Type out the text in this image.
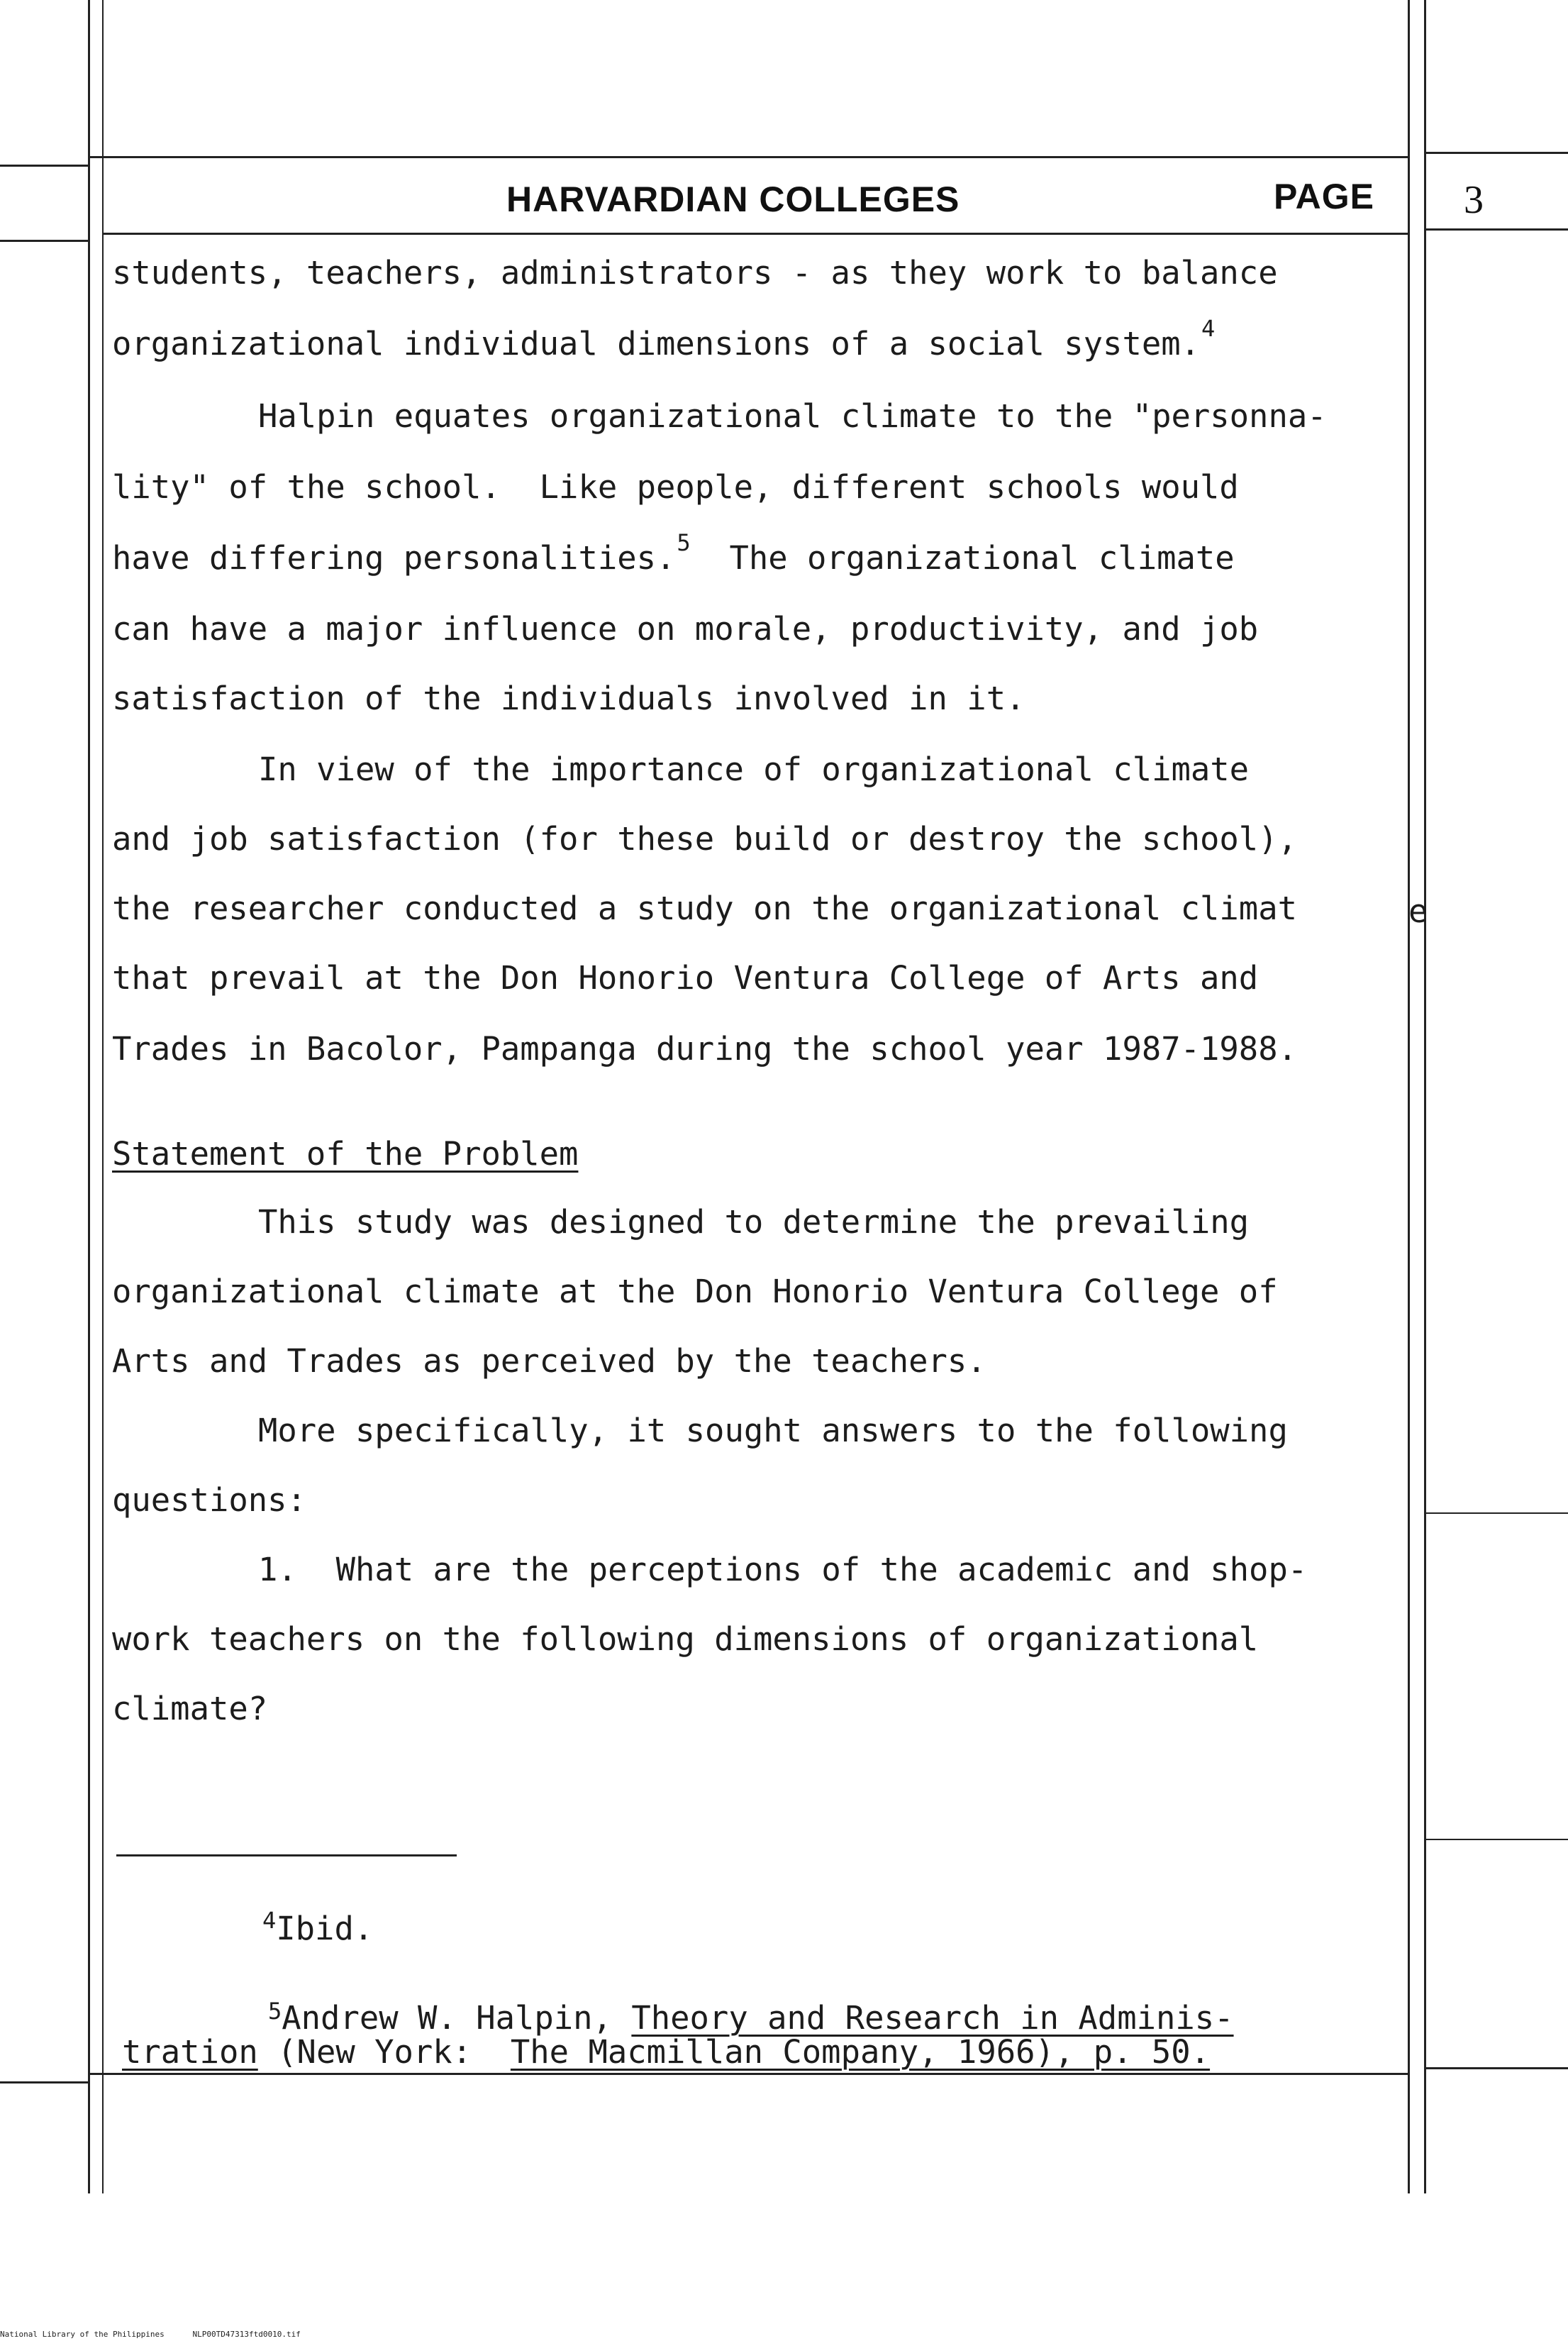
HARVARDIAN COLLEGES	PAGE 3
students, teachers, administrators - as they work to balance
organizational individual dimensions of a social system.$^4$
Halpin equates organizational climate to the "personna-
lity" of the school.  Like people, different schools would
have differing personalities.$^5$  The organizational climate
can have a major influence on morale, productivity, and job
satisfaction of the individuals involved in it.
In view of the importance of organizational climate
and job satisfaction (for these build or destroy the school),
the researcher conducted a study on the organizational climat	e
that prevail at the Don Honorio Ventura College of Arts and
Trades in Bacolor, Pampanga during the school year 1987-1988.
Statement of the Problem
This study was designed to determine the prevailing
organizational climate at the Don Honorio Ventura College of
Arts and Trades as perceived by the teachers.
More specifically, it sought answers to the following
questions:
1.  What are the perceptions of the academic and shop-
work teachers on the following dimensions of organizational
climate?
$^4$Ibid.
$^5$Andrew W. Halpin, Theory and Research in Adminis-
tration (New York:  The Macmillan Company, 1966), p. 50.
National Library of the Philippines      NLP00TD47313ftd0010.tif
